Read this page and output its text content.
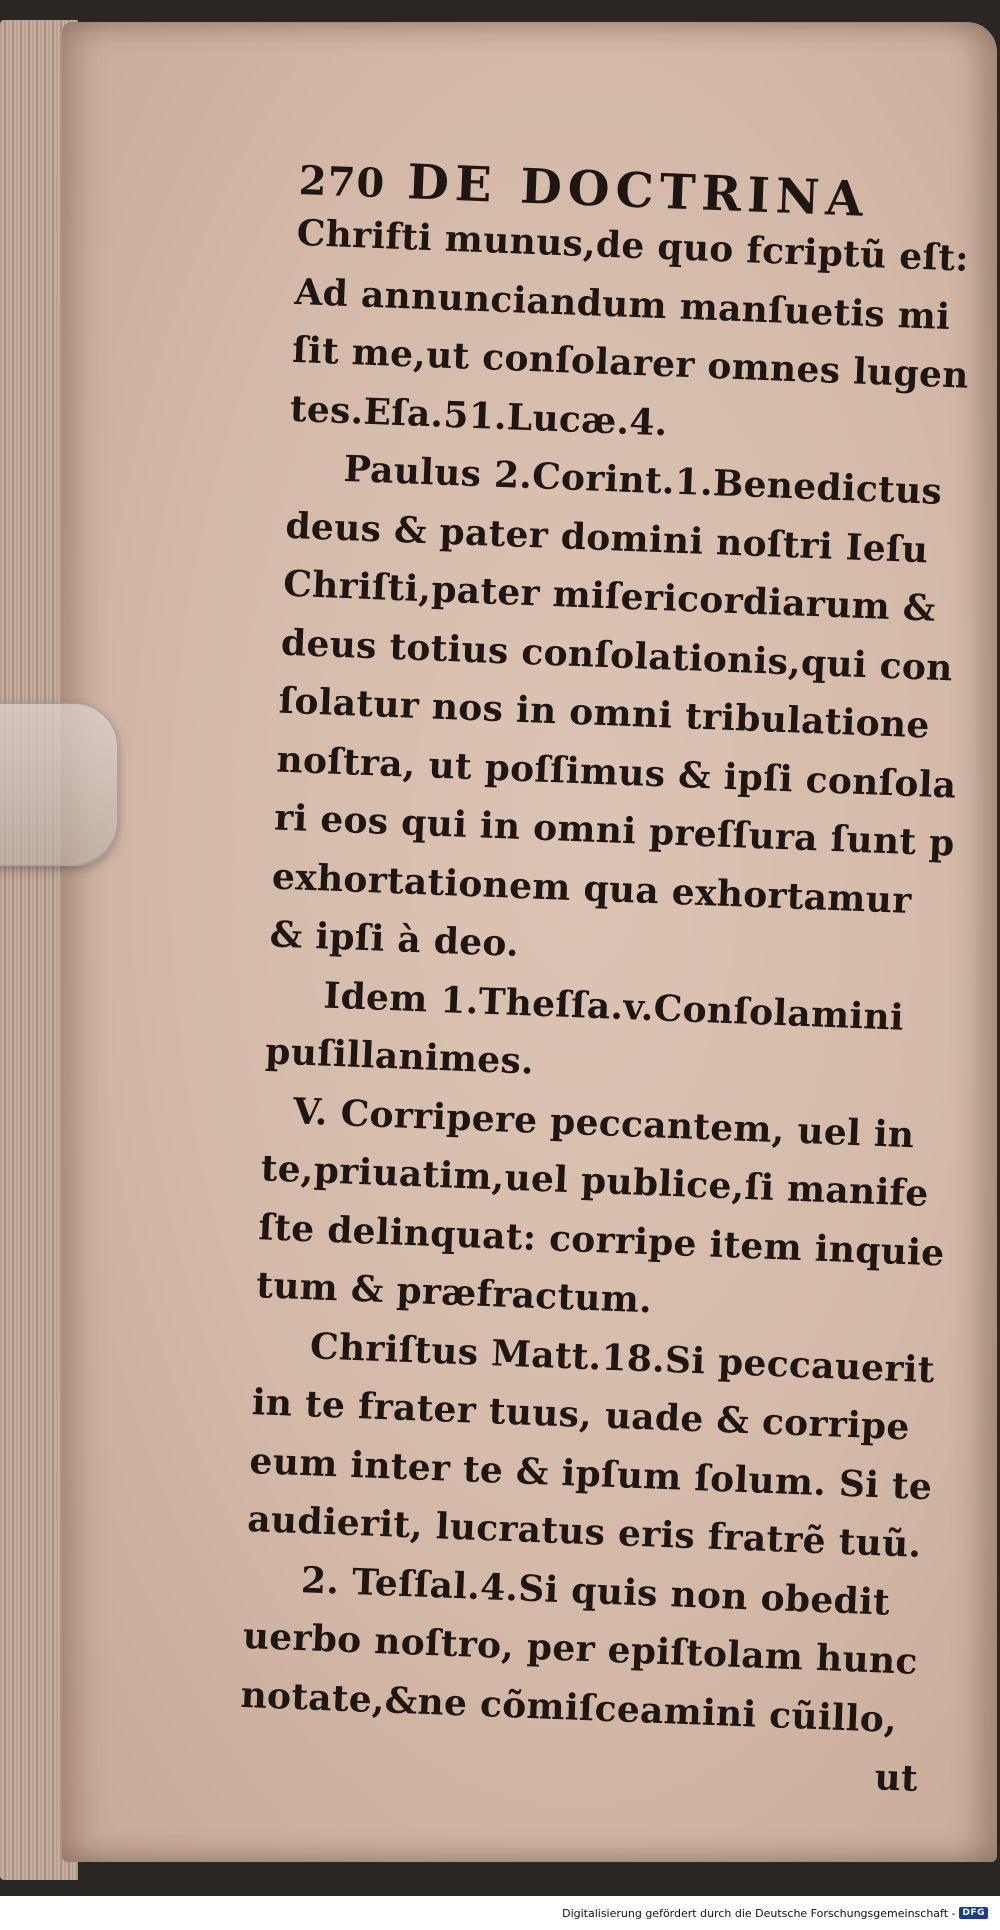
270 DE DOCTRINA
Chrifti munus,de quo fcriptũ eſt:
Ad annunciandum manſuetis mi
ſit me,ut conſolarer omnes lugen
tes.Eſa.51.Lucæ.4.
Paulus 2.Corint.1.Benedictus
deus & pater domini noſtri Ieſu
Chriſti,pater miſericordiarum &
deus totius conſolationis,qui con
ſolatur nos in omni tribulatione
noſtra, ut poſſimus & ipſi conſola
ri eos qui in omni preſſura ſunt p
exhortationem qua exhortamur
& ipſi à deo.
Idem 1.Theſſa.v.Conſolamini
puſillanimes.
V. Corripere peccantem, uel in
te,priuatim,uel publice,ſi manife
ſte delinquat: corripe item inquie
tum & præfractum.
Chriſtus Matt.18.Si peccauerit
in te frater tuus, uade & corripe
eum inter te & ipſum ſolum. Si te
audierit, lucratus eris fratrẽ tuũ.
2. Teſſal.4.Si quis non obedit
uerbo noſtro, per epiſtolam hunc
notate,&ne cõmiſceamini cũillo,
ut
Digitalisierung gefördert durch die Deutsche Forschungsgemeinschaft - DFG
